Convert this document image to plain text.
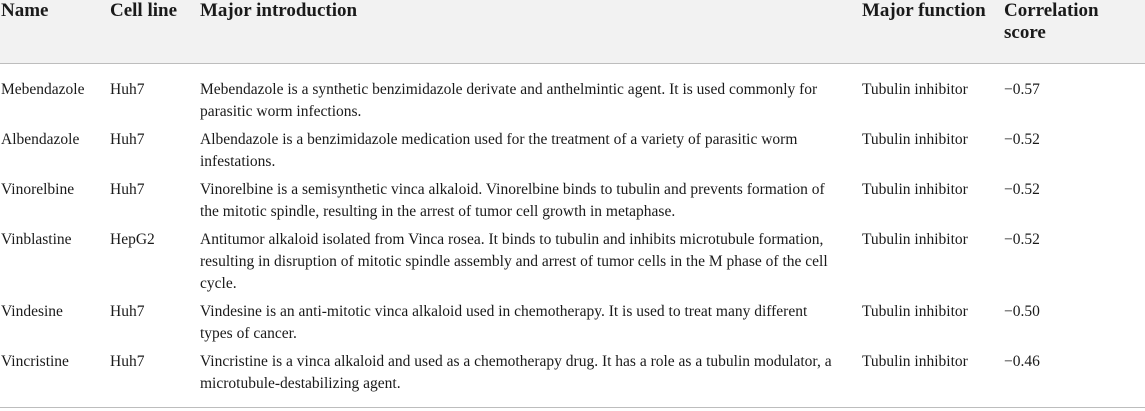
Name	Cell line	Major introduction	Major function	Correlation score
Mebendazole	Huh7	Mebendazole is a synthetic benzimidazole derivate and anthelmintic agent. It is used commonly for parasitic worm infections.	Tubulin inhibitor	−0.57
Albendazole	Huh7	Albendazole is a benzimidazole medication used for the treatment of a variety of parasitic worm infestations.	Tubulin inhibitor	−0.52
Vinorelbine	Huh7	Vinorelbine is a semisynthetic vinca alkaloid. Vinorelbine binds to tubulin and prevents formation of the mitotic spindle, resulting in the arrest of tumor cell growth in metaphase.	Tubulin inhibitor	−0.52
Vinblastine	HepG2	Antitumor alkaloid isolated from Vinca rosea. It binds to tubulin and inhibits microtubule formation, resulting in disruption of mitotic spindle assembly and arrest of tumor cells in the M phase of the cell cycle.	Tubulin inhibitor	−0.52
Vindesine	Huh7	Vindesine is an anti-mitotic vinca alkaloid used in chemotherapy. It is used to treat many different types of cancer.	Tubulin inhibitor	−0.50
Vincristine	Huh7	Vincristine is a vinca alkaloid and used as a chemotherapy drug. It has a role as a tubulin modulator, a microtubule-destabilizing agent.	Tubulin inhibitor	−0.46
